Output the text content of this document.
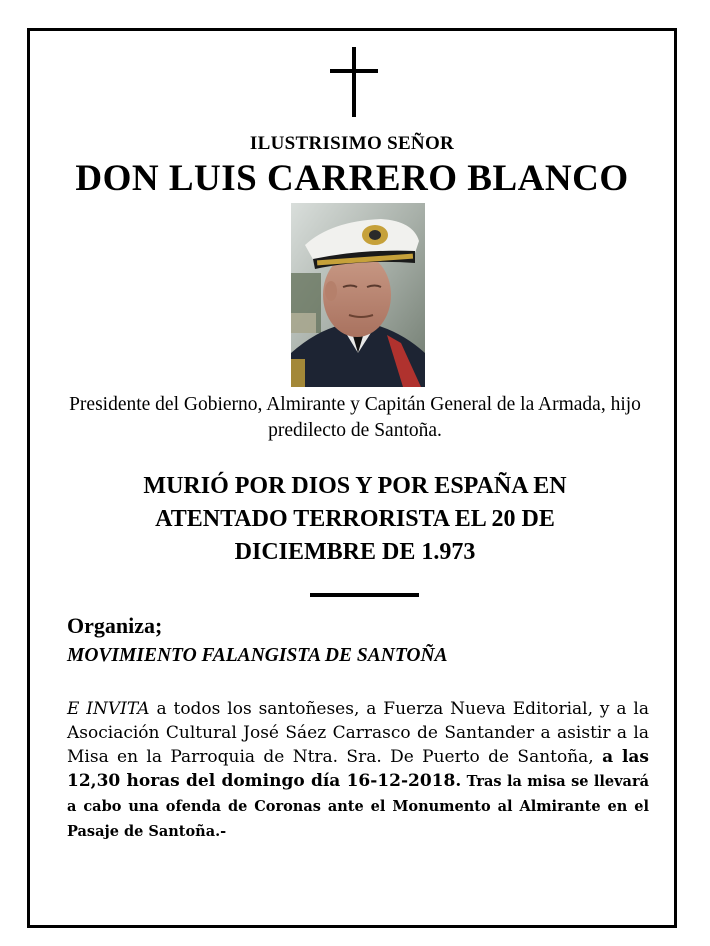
ILUSTRISIMO SEÑOR
DON LUIS CARRERO BLANCO
Presidente del Gobierno, Almirante y Capitán General de la Armada, hijo predilecto de Santoña.
MURIÓ POR DIOS Y POR ESPAÑA EN
ATENTADO TERRORISTA EL 20 DE
DICIEMBRE DE 1.973
Organiza;
MOVIMIENTO FALANGISTA DE SANTOÑA
E INVITA a todos los santoñeses, a Fuerza Nueva Editorial, y a la Asociación Cultural José Sáez Carrasco de Santander a asistir a la Misa en la Parroquia de Ntra. Sra. De Puerto de Santoña, a las 12,30 horas del domingo día 16-12-2018. Tras la misa se llevará a cabo una ofenda de Coronas ante el Monumento al Almirante en el Pasaje de Santoña.-
